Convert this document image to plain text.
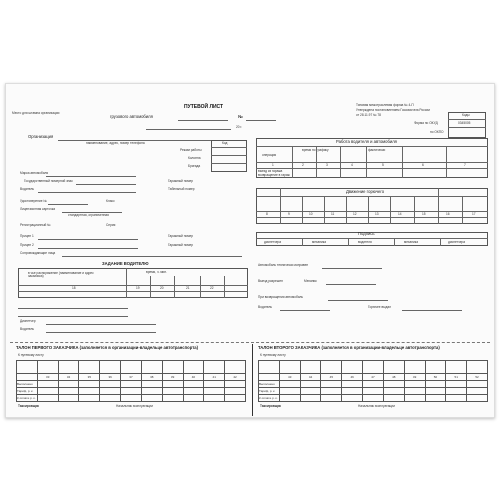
Место для штампа организации
ПУТЕВОЙ ЛИСТ
грузового автомобиля	№
20 г.
Типовая межотраслевая форма № 4-П
Утверждена постановлением Госкомстата России
от 28.11.97 № 78	Коды
Форма по ОКУД	0345005
по ОКПО
Организация
наименование, адрес, номер телефона	Код
Режим работы
Колонна
Бригада
Марка автомобиля
Государственный номерной знак	Гаражный номер
Водитель	Табельный номер
Удостоверение №	Класс
Лицензионная карточка
стандартная, ограниченная
Регистрационный №	Серия
Прицеп 1	Гаражный номер
Прицеп 2	Гаражный номер
Сопровождающие лица
ЗАДАНИЕ ВОДИТЕЛЮ
в чье распоряжение (наименование и адрес заказчика)
время, ч. мин.
18	19	20	21	22
Диспетчер
Водитель
Работа водителя и автомобиля
операция
время по графику	фактически
1	2	3	4	5	6	7
выезд из гаража
возвращение в гараж
Движение горючего
8	9	10	11	12	13	14	15	16	17
Подпись
диспетчера	механика	водителя	механика	диспетчера
Автомобиль технически исправен
Выезд разрешен	Механик
При возвращении автомобиль
Водитель	Горючее выдал
ТАЛОН ПЕРВОГО ЗАКАЗЧИКА (заполняется в организации-владельце автотранспорта)	ТАЛОН ВТОРОГО ЗАКАЗЧИКА (заполняется в организации-владельце автотранспорта)
К путевому листу	К путевому листу

	33	34	35	36	37	38	39	40	41	42
Выполнено										
Тариф, р. к.										
К оплате р. к.										

	43	44	45	46	47	48	49	50	51	52
Выполнено										
Тариф, р. к.										
К оплате р. к.										
Таксировщик	Начальник эксплуатации	Таксировщик	Начальник эксплуатации
